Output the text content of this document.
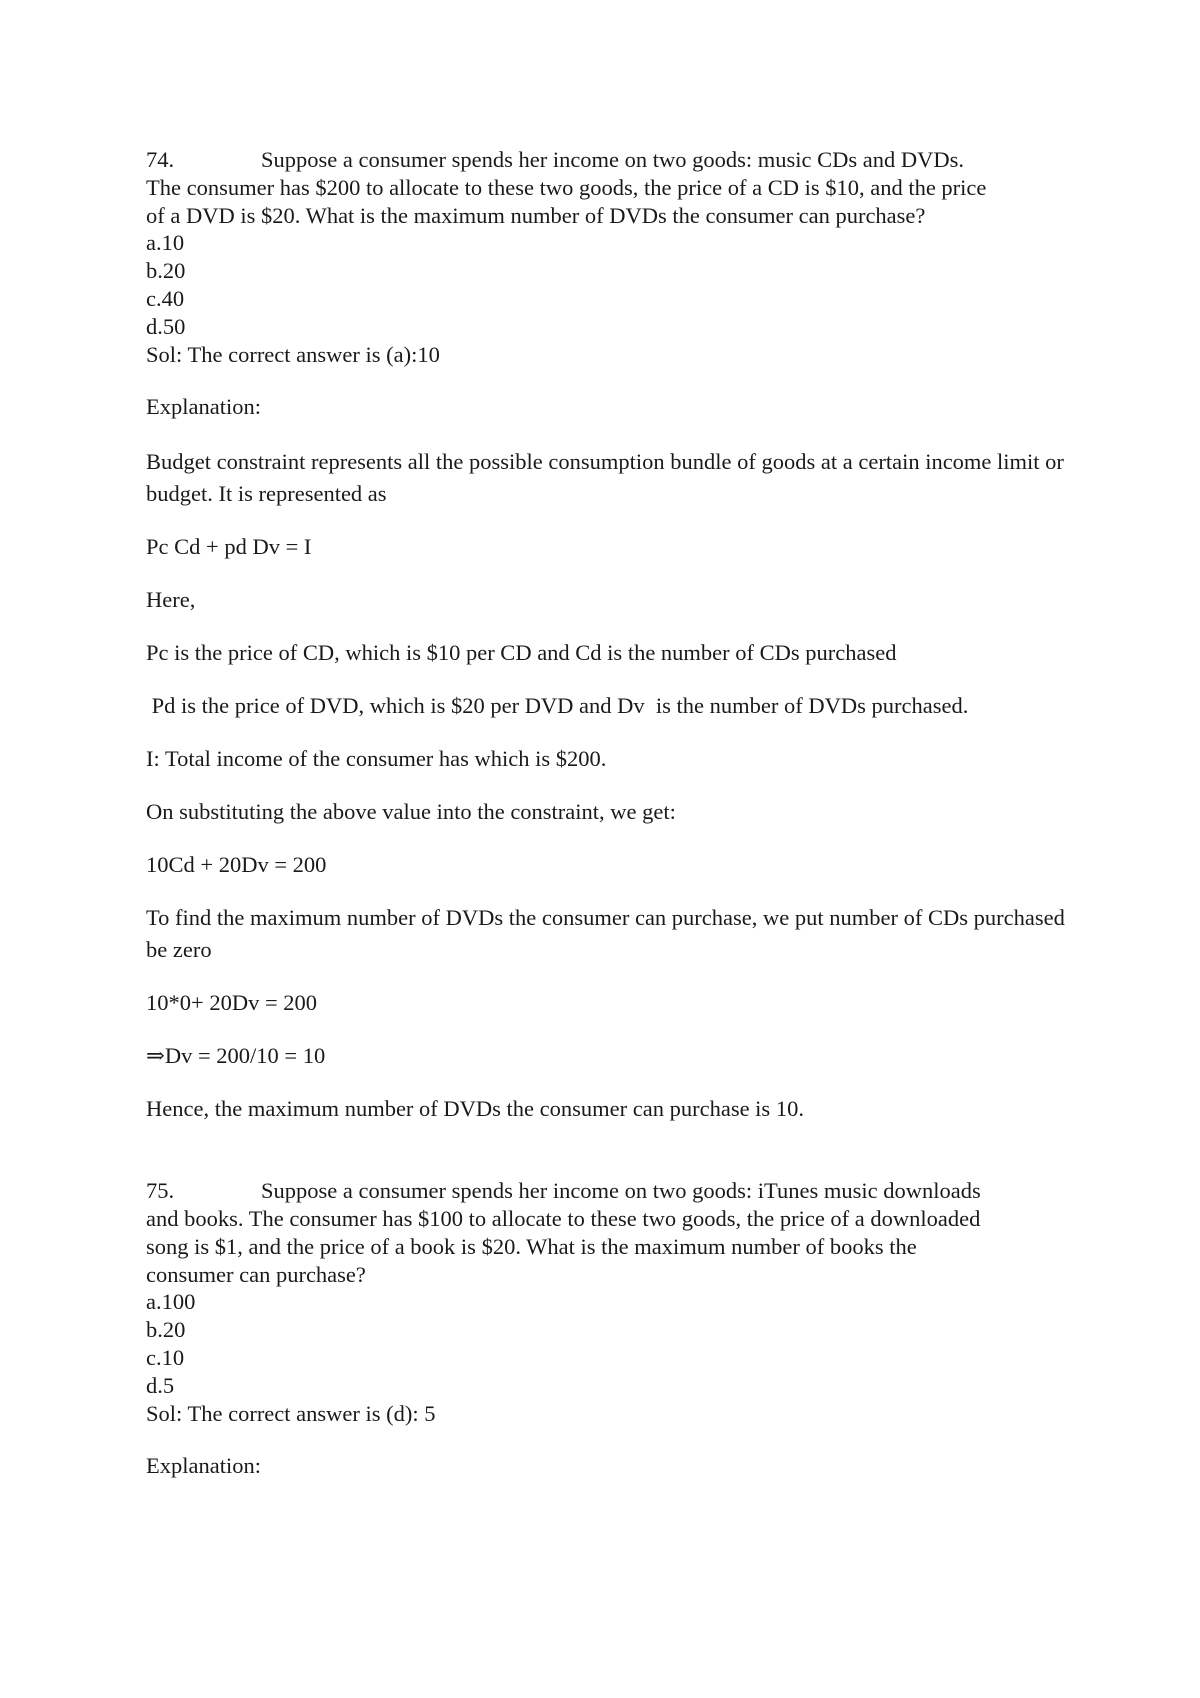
74.	Suppose a consumer spends her income on two goods: music CDs and DVDs.
The consumer has $200 to allocate to these two goods, the price of a CD is $10, and the price
of a DVD is $20. What is the maximum number of DVDs the consumer can purchase?
a.10
b.20
c.40
d.50
Sol: The correct answer is (a):10
Explanation:
Budget constraint represents all the possible consumption bundle of goods at a certain income limit or budget. It is represented as
Pc Cd + pd Dv = I
Here,
Pc is the price of CD, which is $10 per CD and Cd is the number of CDs purchased
Pd is the price of DVD, which is $20 per DVD and Dv  is the number of DVDs purchased.
I: Total income of the consumer has which is $200.
On substituting the above value into the constraint, we get:
10Cd + 20Dv = 200
To find the maximum number of DVDs the consumer can purchase, we put number of CDs purchased be zero
10*0+ 20Dv = 200
⇒Dv = 200/10 = 10
Hence, the maximum number of DVDs the consumer can purchase is 10.
75.	Suppose a consumer spends her income on two goods: iTunes music downloads
and books. The consumer has $100 to allocate to these two goods, the price of a downloaded
song is $1, and the price of a book is $20. What is the maximum number of books the
consumer can purchase?
a.100
b.20
c.10
d.5
Sol: The correct answer is (d): 5
Explanation:
